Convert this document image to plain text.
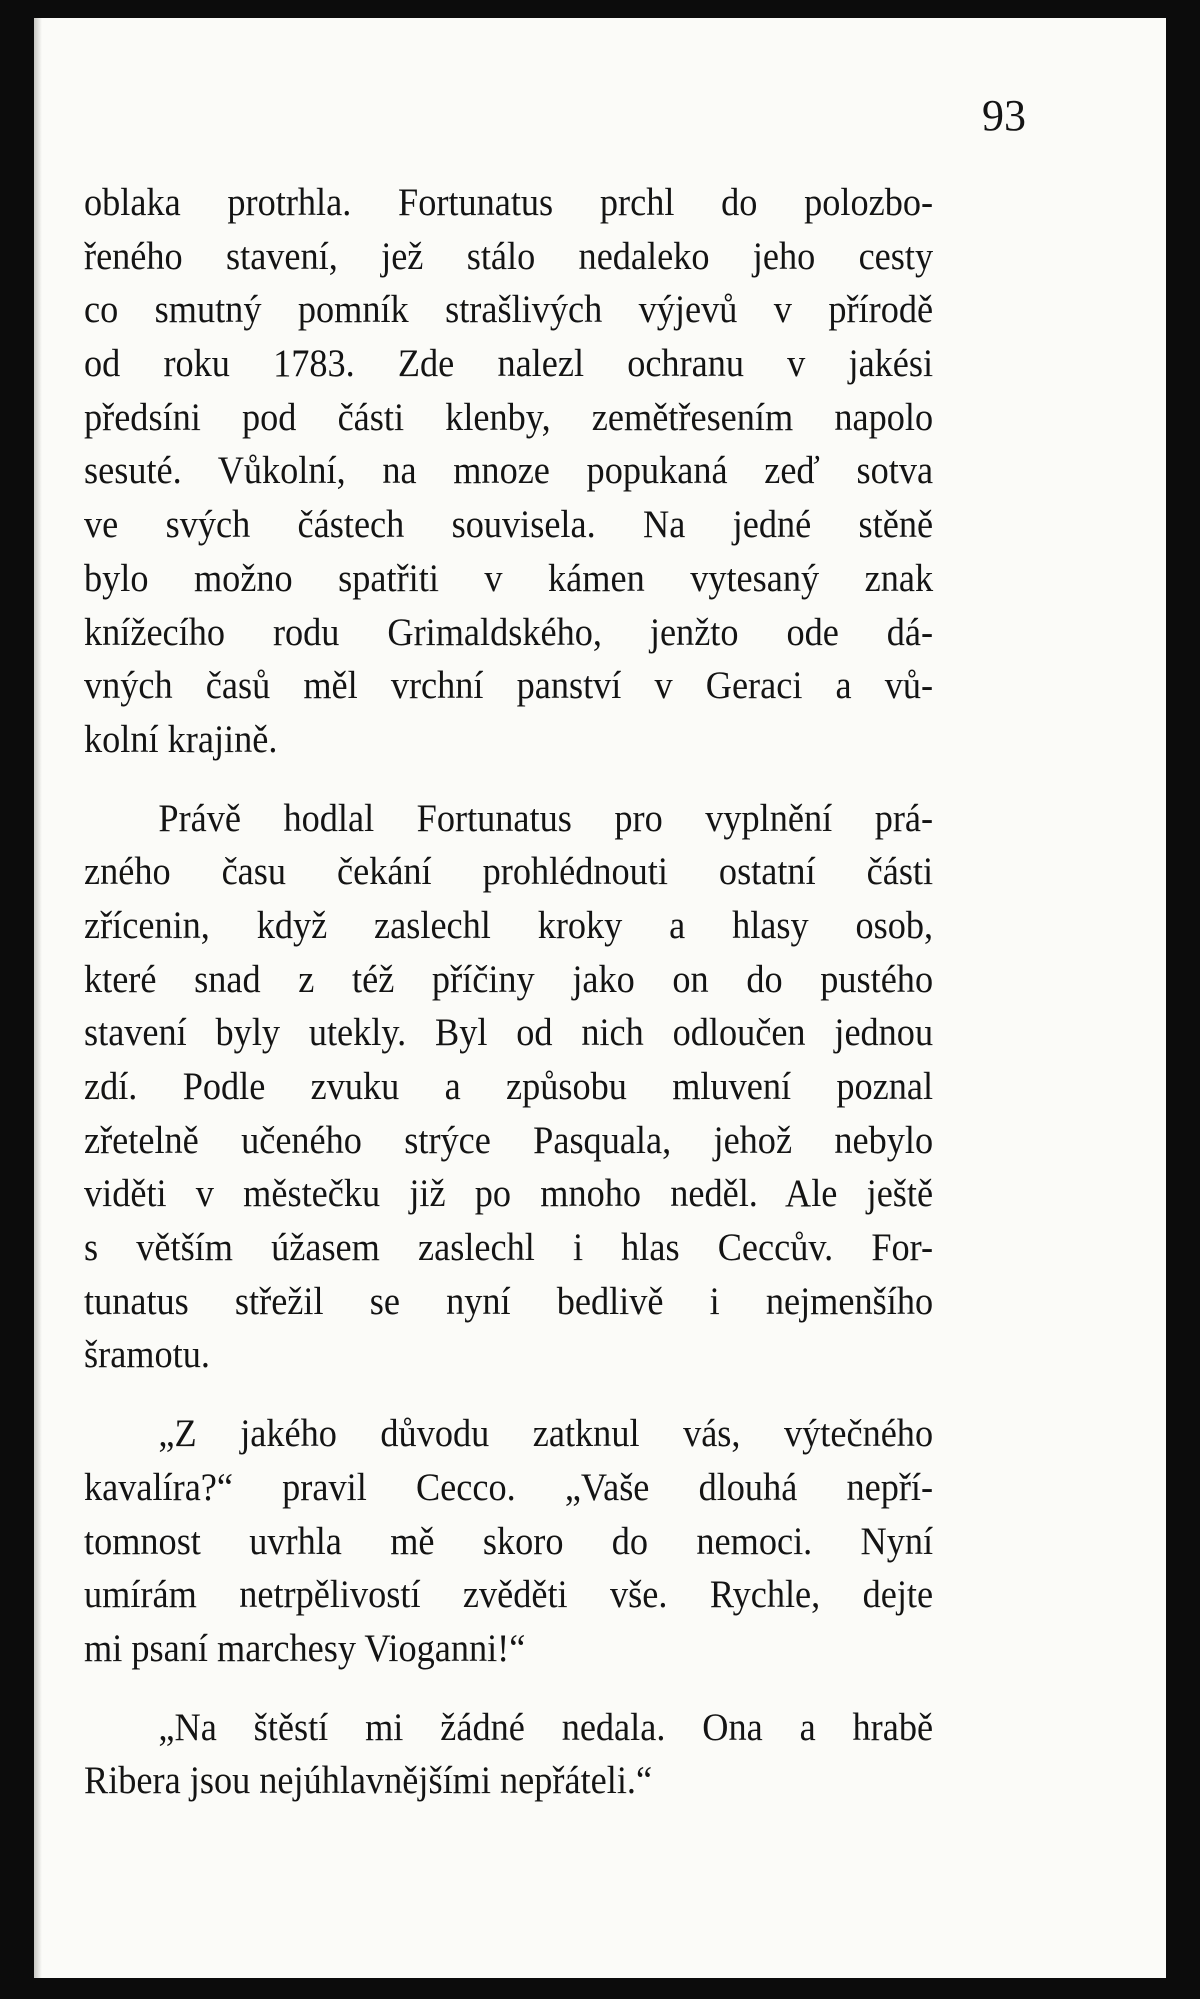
93

oblaka protrhla. Fortunatus prchl do polozbo-
řeného stavení, jež stálo nedaleko jeho cesty
co smutný pomník strašlivých výjevů v přírodě
od roku 1783. Zde nalezl ochranu v jakési
předsíni pod části klenby, zemětřesením napolo
sesuté. Vůkolní, na mnoze popukaná zeď sotva
ve svých částech souvisela. Na jedné stěně
bylo možno spatřiti v kámen vytesaný znak
knížecího rodu Grimaldského, jenžto ode dá-
vných časů měl vrchní panství v Geraci a vů-
kolní krajině.
Právě hodlal Fortunatus pro vyplnění prá-
zného času čekání prohlédnouti ostatní části
zřícenin, když zaslechl kroky a hlasy osob,
které snad z též příčiny jako on do pustého
stavení byly utekly. Byl od nich odloučen jednou
zdí. Podle zvuku a způsobu mluvení poznal
zřetelně učeného strýce Pasquala, jehož nebylo
viděti v městečku již po mnoho neděl. Ale ještě
s větším úžasem zaslechl i hlas Ceccův. For-
tunatus střežil se nyní bedlivě i nejmenšího
šramotu.
„Z jakého důvodu zatknul vás, výtečného
kavalíra?“ pravil Cecco. „Vaše dlouhá nepří-
tomnost uvrhla mě skoro do nemoci. Nyní
umírám netrpělivostí zvěděti vše. Rychle, dejte
mi psaní marchesy Vioganni!“
„Na štěstí mi žádné nedala. Ona a hrabě
Ribera jsou nejúhlavnějšími nepřáteli.“
